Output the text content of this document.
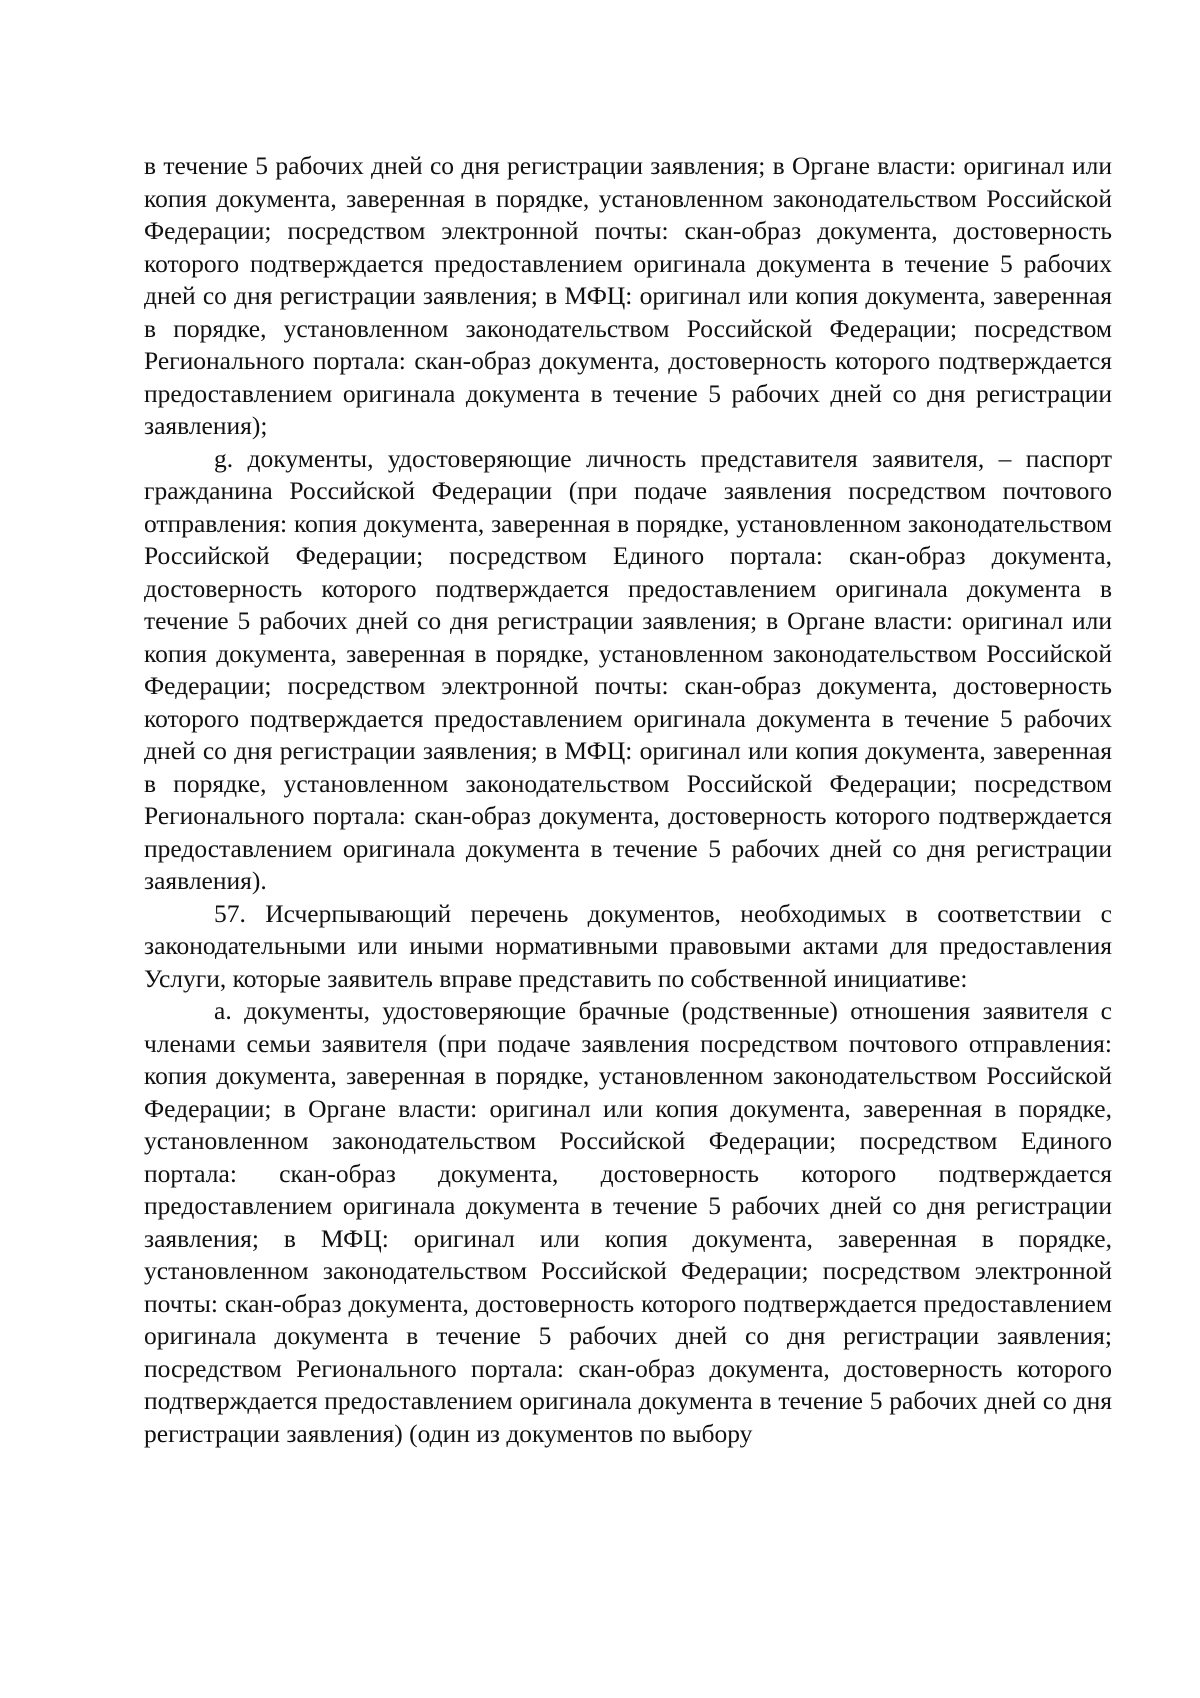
в течение 5 рабочих дней со дня регистрации заявления; в Органе власти: оригинал или копия документа, заверенная в порядке, установленном законодательством Российской Федерации; посредством электронной почты: скан-образ документа, достоверность которого подтверждается предоставлением оригинала документа в течение 5 рабочих дней со дня регистрации заявления; в МФЦ: оригинал или копия документа, заверенная в порядке, установленном законодательством Российской Федерации; посредством Регионального портала: скан-образ документа, достоверность которого подтверждается предоставлением оригинала документа в течение 5 рабочих дней со дня регистрации заявления);

g. документы, удостоверяющие личность представителя заявителя, – паспорт гражданина Российской Федерации (при подаче заявления посредством почтового отправления: копия документа, заверенная в порядке, установленном законодательством Российской Федерации; посредством Единого портала: скан-образ документа, достоверность которого подтверждается предоставлением оригинала документа в течение 5 рабочих дней со дня регистрации заявления; в Органе власти: оригинал или копия документа, заверенная в порядке, установленном законодательством Российской Федерации; посредством электронной почты: скан-образ документа, достоверность которого подтверждается предоставлением оригинала документа в течение 5 рабочих дней со дня регистрации заявления; в МФЦ: оригинал или копия документа, заверенная в порядке, установленном законодательством Российской Федерации; посредством Регионального портала: скан-образ документа, достоверность которого подтверждается предоставлением оригинала документа в течение 5 рабочих дней со дня регистрации заявления).

57. Исчерпывающий перечень документов, необходимых в соответствии с законодательными или иными нормативными правовыми актами для предоставления Услуги, которые заявитель вправе представить по собственной инициативе:

a. документы, удостоверяющие брачные (родственные) отношения заявителя с членами семьи заявителя (при подаче заявления посредством почтового отправления: копия документа, заверенная в порядке, установленном законодательством Российской Федерации; в Органе власти: оригинал или копия документа, заверенная в порядке, установленном законодательством Российской Федерации; посредством Единого портала: скан-образ документа, достоверность которого подтверждается предоставлением оригинала документа в течение 5 рабочих дней со дня регистрации заявления; в МФЦ: оригинал или копия документа, заверенная в порядке, установленном законодательством Российской Федерации; посредством электронной почты: скан-образ документа, достоверность которого подтверждается предоставлением оригинала документа в течение 5 рабочих дней со дня регистрации заявления; посредством Регионального портала: скан-образ документа, достоверность которого подтверждается предоставлением оригинала документа в течение 5 рабочих дней со дня регистрации заявления) (один из документов по выбору
